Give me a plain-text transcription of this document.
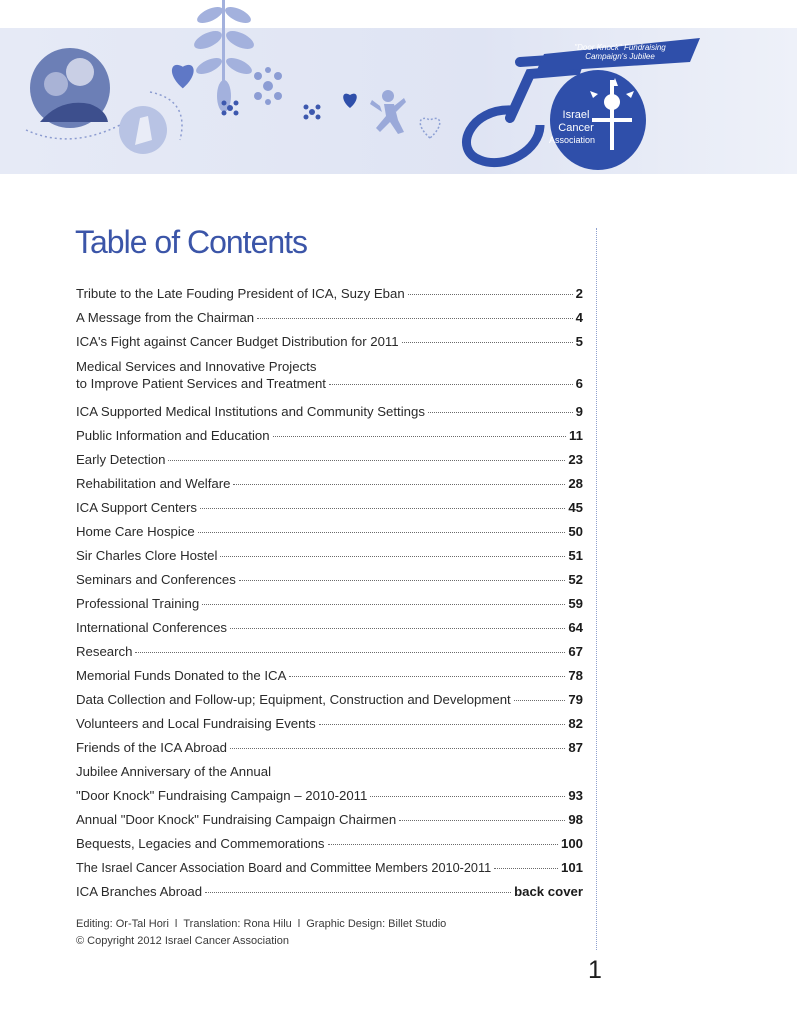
"Door Knock" Fundraising
Campaign's Jubilee
Israel
Cancer
Association
Table of Contents
Tribute to the Late Fouding President of ICA, Suzy Eban	2
A Message from the Chairman	4
ICA's Fight against Cancer Budget Distribution for 2011	5
Medical Services and Innovative Projects
to Improve Patient Services and Treatment	6
ICA Supported Medical Institutions and Community Settings	9
Public Information and Education	11
Early Detection	23
Rehabilitation and Welfare	28
ICA Support Centers	45
Home Care Hospice	50
Sir Charles Clore Hostel	51
Seminars and Conferences	52
Professional Training	59
International Conferences	64
Research	67
Memorial Funds Donated to the ICA	78
Data Collection and Follow-up; Equipment, Construction and Development	79
Volunteers and Local Fundraising Events	82
Friends of the ICA Abroad	87
Jubilee Anniversary of the Annual
"Door Knock" Fundraising Campaign – 2010-2011	93
Annual "Door Knock" Fundraising Campaign Chairmen	98
Bequests, Legacies and Commemorations	100
The Israel Cancer Association Board and Committee Members 2010-2011	101
ICA Branches Abroad	back cover
Editing: Or-Tal Hori l Translation: Rona Hilu l Graphic Design: Billet Studio
© Copyright 2012 Israel Cancer Association
1
